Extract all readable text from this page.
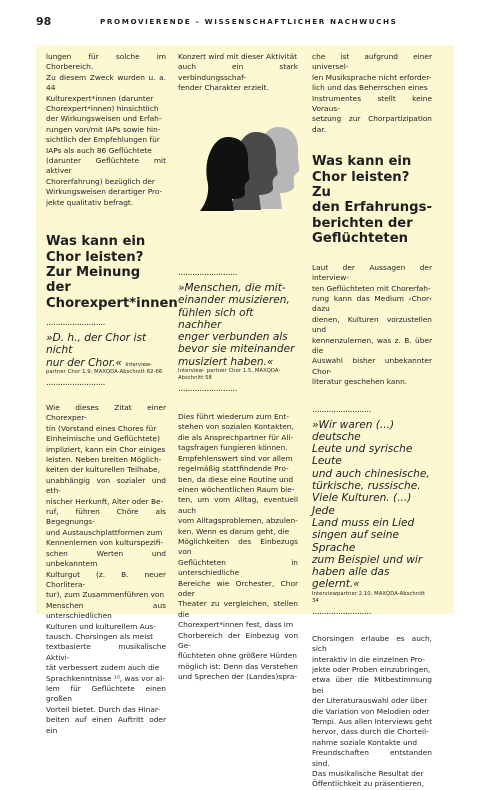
98	PROMOVIERENDE – WISSENSCHAFTLICHER NACHWUCHS
lungen für solche im Chorbereich.
Zu diesem Zweck wurden u. a. 44
Kulturexpert*innen (darunter
Chorexpert*innen) hinsichtlich
der Wirkungsweisen und Erfah-
rungen von/mit IAPs sowie hin-
sichtlich der Empfehlungen für
IAPs als auch 86 Geflüchtete
(darunter Geflüchtete mit aktiver
Chorerfahrung) bezüglich der
Wirkungsweisen derartiger Pro-
jekte qualitativ befragt.
Was kann ein
Chor leisten?
Zur Meinung der
Chorexpert*innen
.........................
»D. h., der Chor ist nicht
nur der Chor.« Interview-
partner Chor 1.9, MAXQDA-Abschnitt 62-66
.........................
Wie dieses Zitat einer Chorexper-
tin (Vorstand eines Chores für
Einheimische und Geflüchtete)
impliziert, kann ein Chor einiges
leisten. Neben breiten Möglich-
keiten der kulturellen Teilhabe,
unabhängig von sozialer und eth-
nischer Herkunft, Alter oder Be-
ruf, führen Chöre als Begegnungs-
und Austauschplattformen zum
Kennenlernen von kulturspezifi-
schen Werten und unbekanntem
Kulturgut (z. B. neuer Chorlitera-
tur), zum Zusammenführen von
Menschen aus unterschiedlichen
Kulturen und kulturellem Aus-
tausch. Chorsingen als meist
textbasierte musikalische Aktivi-
tät verbessert zudem auch die
Sprachkenntnisse ¹⁰, was vor al-
lem für Geflüchtete einen großen
Vorteil bietet. Durch das Hinar-
beiten auf einen Auftritt oder ein
Konzert wird mit dieser Aktivität
auch ein stark verbindungsschaf-
fender Charakter erzielt.
.........................
»Menschen, die mit-
einander musizieren,
fühlen sich oft nachher
enger verbunden als
bevor sie miteinander
musiziert haben.«
Interview- partner Chor 1.5, MAXQDA-Abschnitt 58
.........................
Dies führt wiederum zum Ent-
stehen von sozialen Kontakten,
die als Ansprechpartner für All-
tagsfragen fungieren können.
Empfehlenswert sind vor allem
regelmäßig stattfindende Pro-
ben, da diese eine Routine und
einen wöchentlichen Raum bie-
ten, um vom Alltag, eventuell auch
vom Alltagsproblemen, abzulen-
ken. Wenn es darum geht, die
Möglichkeiten des Einbezugs von
Geflüchteten in unterschiedliche
Bereiche wie Orchester, Chor oder
Theater zu vergleichen, stellen die
Chorexpert*innen fest, dass im
Chorbereich der Einbezug von Ge-
flüchteten ohne größere Hürden
möglich ist: Denn das Verstehen
und Sprechen der (Landes)spra-
che ist aufgrund einer universel-
len Musiksprache nicht erforder-
lich und das Beherrschen eines
Instrumentes stellt keine Voraus-
setzung zur Chorpartizipation dar.
Was kann ein
Chor leisten? Zu
den Erfahrungs-
berichten der
Geflüchteten
Laut der Aussagen der interview-
ten Geflüchteten mit Chorerfah-
rung kann das Medium ›Chor‹ dazu
dienen, Kulturen vorzustellen und
kennenzulernen, was z. B. über die
Auswahl bisher unbekannter Chor-
literatur geschehen kann.
.........................
»Wir waren (...) deutsche
Leute und syrische Leute
und auch chinesische,
türkische, russische.
Viele Kulturen. (...) Jede
Land muss ein Lied
singen auf seine Sprache
zum Beispiel und wir
haben alle das gelernt.«
Interviewpartner 2.10, MAXQDA-Abschnitt 34
.........................
Chorsingen erlaube es auch, sich
interaktiv in die einzelnen Pro-
jekte oder Proben einzubringen,
etwa über die Mitbestimmung bei
der Literaturauswahl oder über
die Variation von Melodien oder
Tempi. Aus allen Interviews geht
hervor, dass durch die Chorteil-
nahme soziale Kontakte und
Freundschaften entstanden sind.
Das musikalische Resultat der
Öffentlichkeit zu präsentieren,
